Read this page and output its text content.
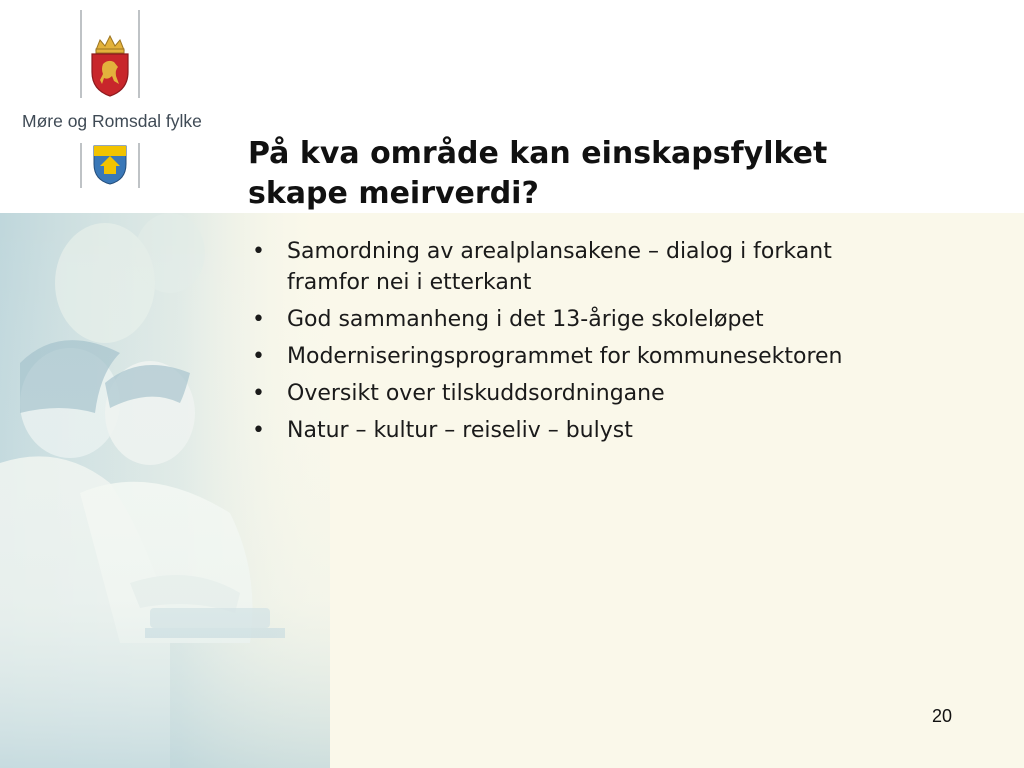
Møre og Romsdal fylke

På kva område kan einskapsfylket
skape meirverdi?
•	Samordning av arealplansakene – dialog i forkant
framfor nei i etterkant
•	God sammanheng i det 13-årige skoleløpet
•	Moderniseringsprogrammet for kommunesektoren
•	Oversikt over tilskuddsordningane
•	Natur – kultur – reiseliv – bulyst

20
